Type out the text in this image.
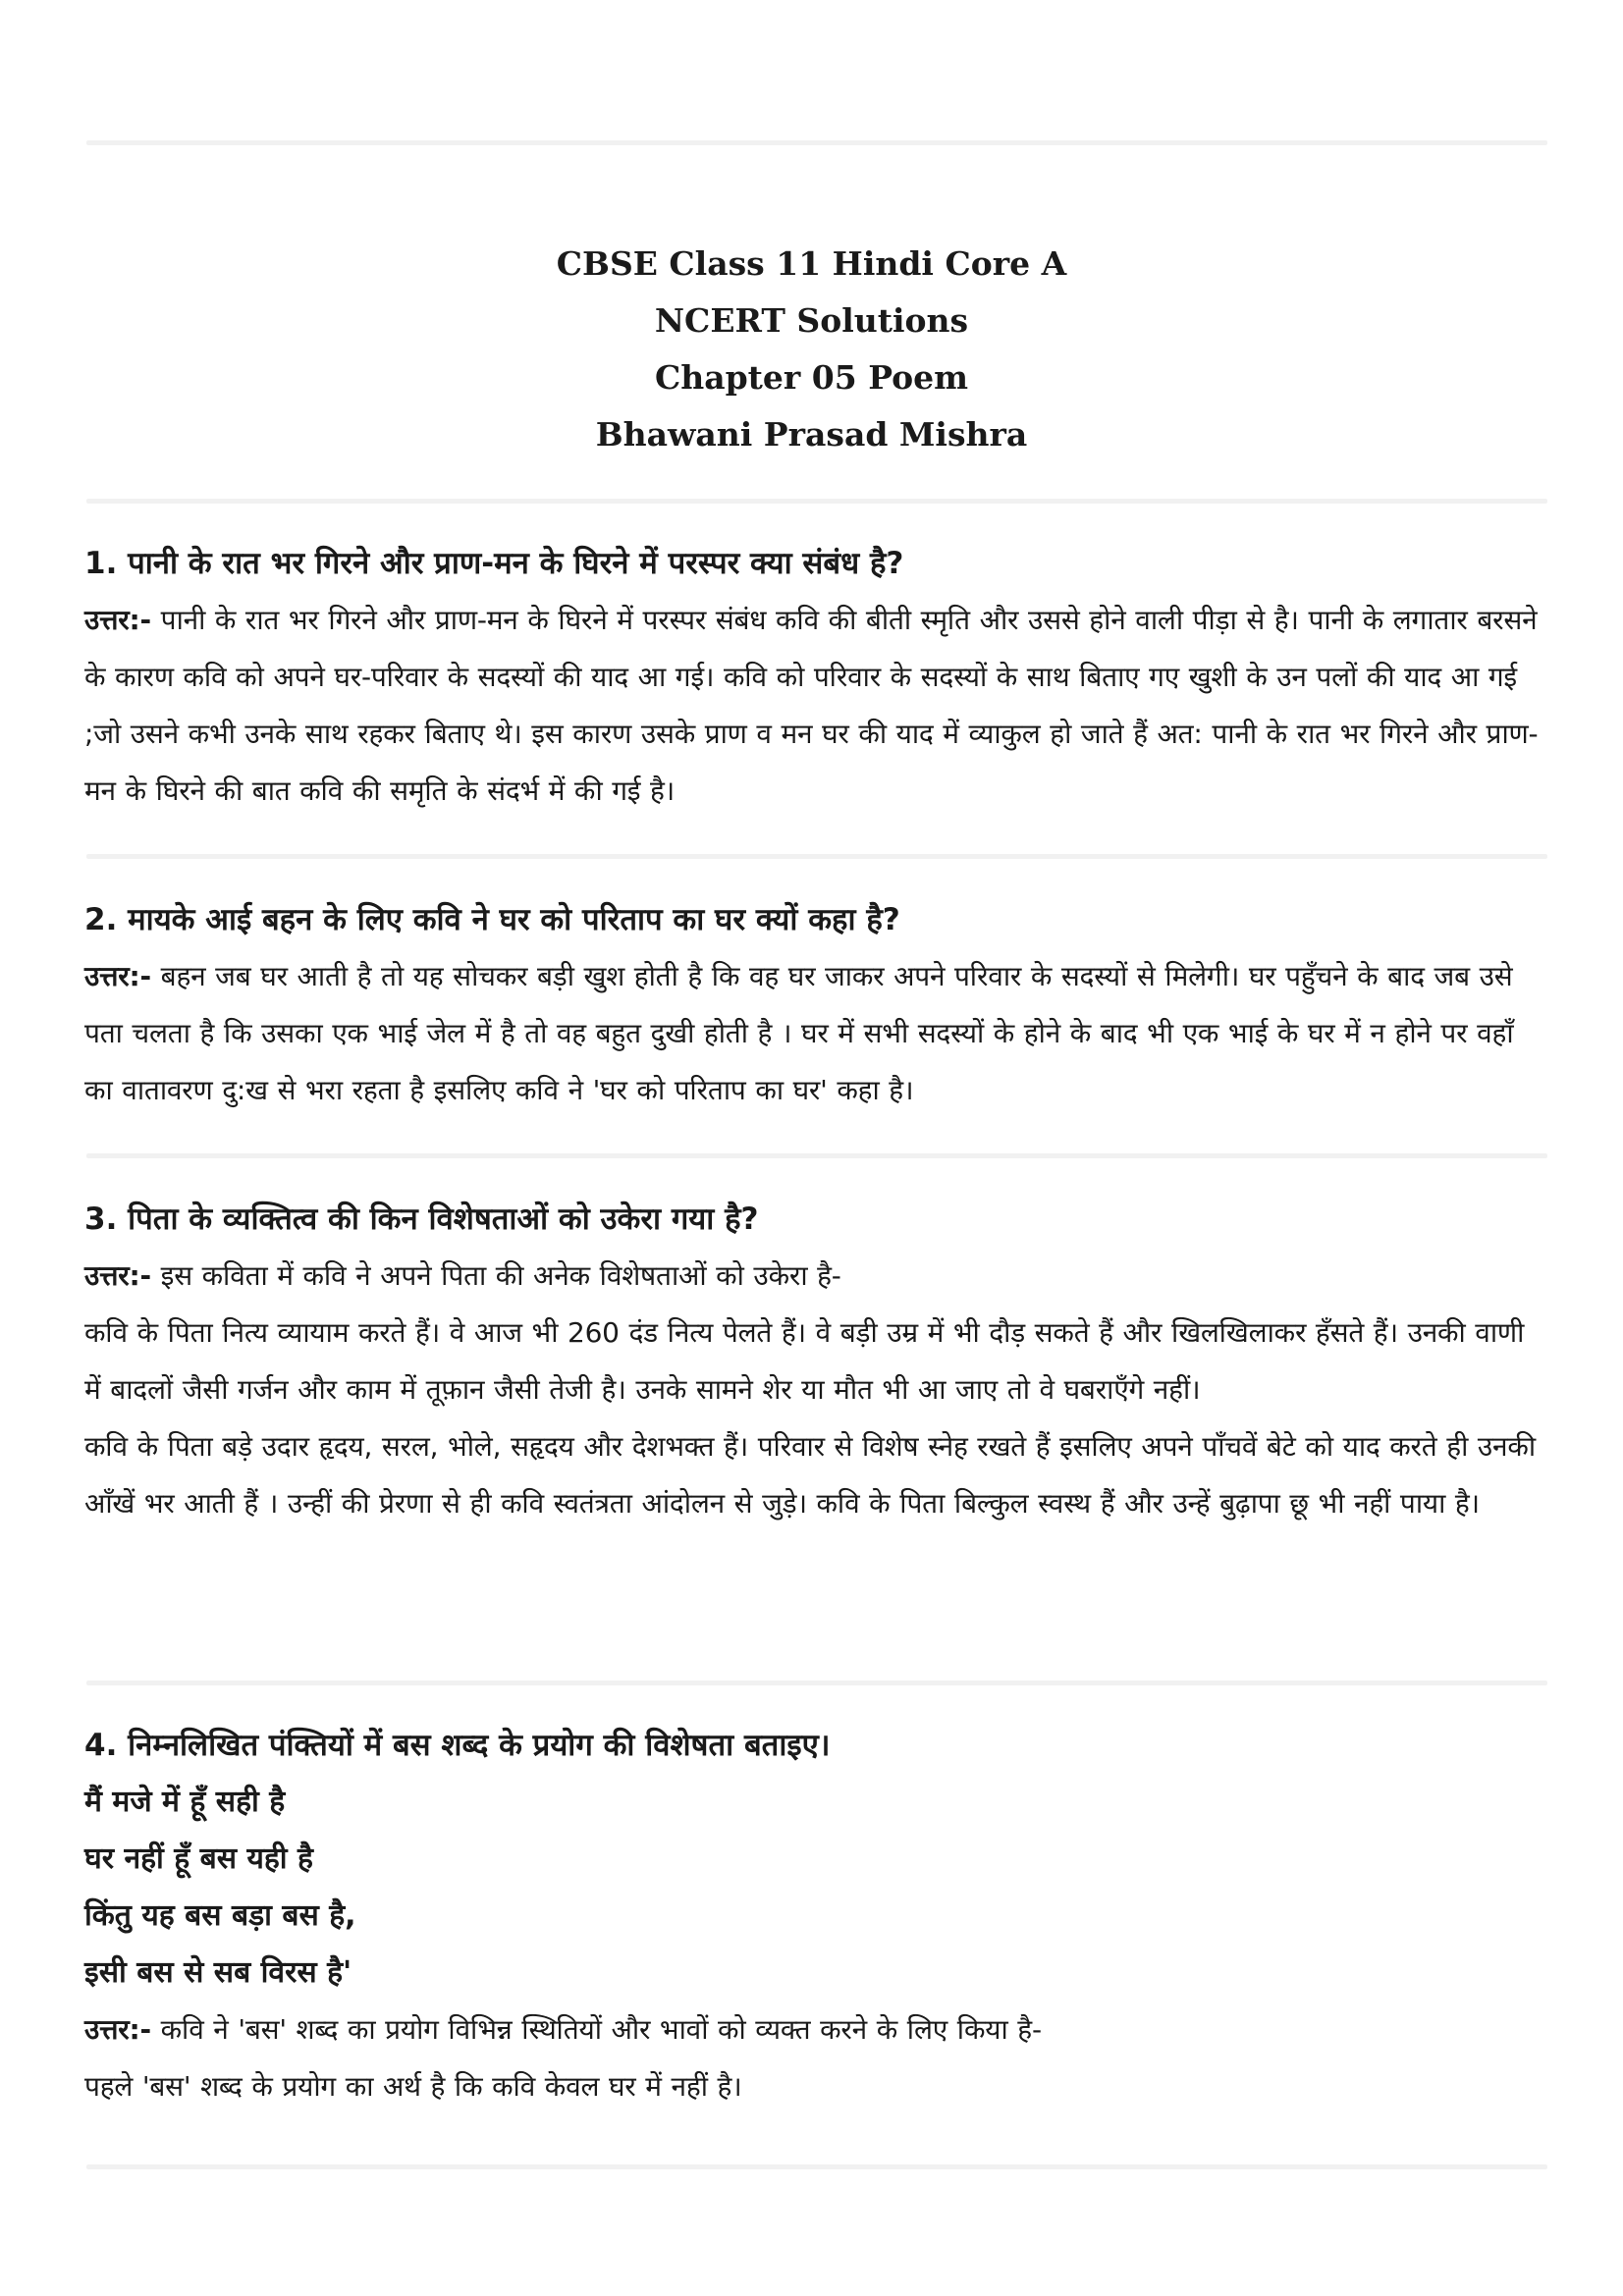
CBSE Class 11 Hindi Core A
NCERT Solutions
Chapter 05 Poem
Bhawani Prasad Mishra
1. पानी के रात भर गिरने और प्राण-मन के घिरने में परस्पर क्या संबंध है?
उत्तर:- पानी के रात भर गिरने और प्राण-मन के घिरने में परस्पर संबंध कवि की बीती स्मृति और उससे होने वाली पीड़ा से है। पानी के लगातार बरसने के कारण कवि को अपने घर-परिवार के सदस्यों की याद आ गई। कवि को परिवार के सदस्यों के साथ बिताए गए खुशी के उन पलों की याद आ गई ;जो उसने कभी उनके साथ रहकर बिताए थे। इस कारण उसके प्राण व मन घर की याद में व्याकुल हो जाते हैं अत: पानी के रात भर गिरने और प्राण-मन के घिरने की बात कवि की समृति के संदर्भ में की गई है।
2. मायके आई बहन के लिए कवि ने घर को परिताप का घर क्यों कहा है?
उत्तर:- बहन जब घर आती है तो यह सोचकर बड़ी खुश होती है कि वह घर जाकर अपने परिवार के सदस्यों से मिलेगी। घर पहुँचने के बाद जब उसे पता चलता है कि उसका एक भाई जेल में है तो वह बहुत दुखी होती है । घर में सभी सदस्यों के होने के बाद भी एक भाई के घर में न होने पर वहाँ का वातावरण दु:ख से भरा रहता है इसलिए कवि ने 'घर को परिताप का घर' कहा है।
3. पिता के व्यक्तित्व की किन विशेषताओं को उकेरा गया है?
उत्तर:- इस कविता में कवि ने अपने पिता की अनेक विशेषताओं को उकेरा है-
कवि के पिता नित्य व्यायाम करते हैं। वे आज भी 260 दंड नित्य पेलते हैं। वे बड़ी उम्र में भी दौड़ सकते हैं और खिलखिलाकर हँसते हैं। उनकी वाणी में बादलों जैसी गर्जन और काम में तूफ़ान जैसी तेजी है। उनके सामने शेर या मौत भी आ जाए तो वे घबराएँगे नहीं।
कवि के पिता बड़े उदार हृदय, सरल, भोले, सहृदय और देशभक्त हैं। परिवार से विशेष स्नेह रखते हैं इसलिए अपने पाँचवें बेटे को याद करते ही उनकी आँखें भर आती हैं । उन्हीं की प्रेरणा से ही कवि स्वतंत्रता आंदोलन से जुड़े। कवि के पिता बिल्कुल स्वस्थ हैं और उन्हें बुढ़ापा छू भी नहीं पाया है।
4. निम्नलिखित पंक्तियों में बस शब्द के प्रयोग की विशेषता बताइए।
मैं मजे में हूँ सही है
घर नहीं हूँ बस यही है
किंतु यह बस बड़ा बस है,
इसी बस से सब विरस है'
उत्तर:- कवि ने 'बस' शब्द का प्रयोग विभिन्न स्थितियों और भावों को व्यक्त करने के लिए किया है-
पहले 'बस' शब्द के प्रयोग का अर्थ है कि कवि केवल घर में नहीं है।
